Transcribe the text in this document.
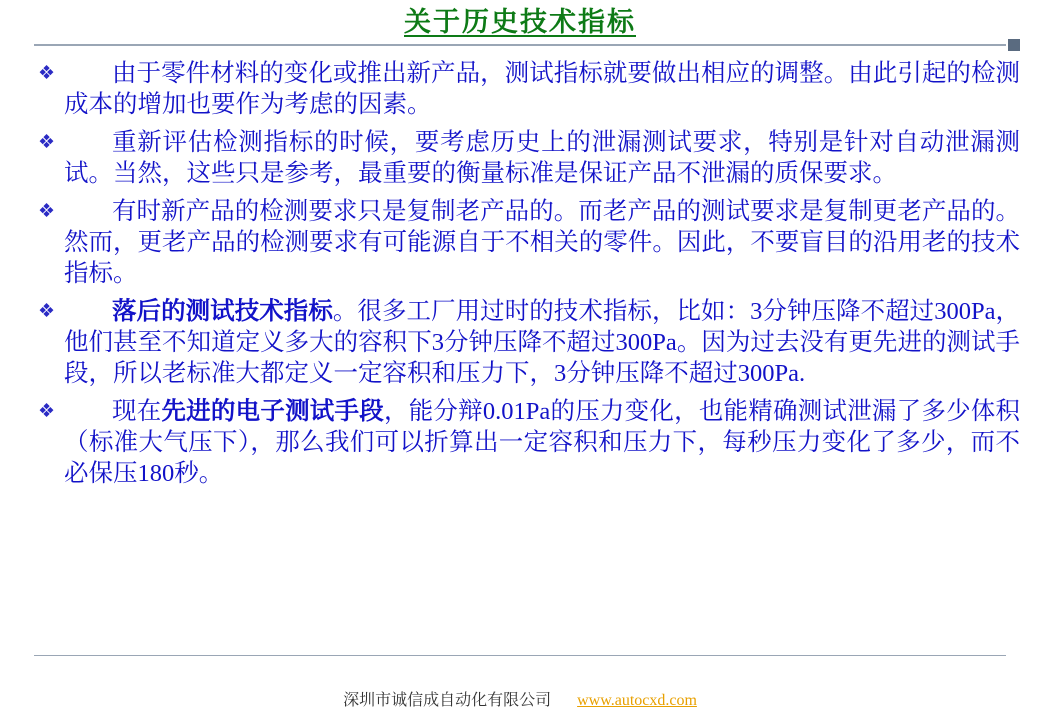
关于历史技术指标
❖	由于零件材料的变化或推出新产品，测试指标就要做出相应的调整。由此引起的检测成本的增加也要作为考虑的因素。
❖	重新评估检测指标的时候，要考虑历史上的泄漏测试要求，特别是针对自动泄漏测试。当然，这些只是参考，最重要的衡量标准是保证产品不泄漏的质保要求。
❖	有时新产品的检测要求只是复制老产品的。而老产品的测试要求是复制更老产品的。然而，更老产品的检测要求有可能源自于不相关的零件。因此，不要盲目的沿用老的技术指标。
❖	落后的测试技术指标。很多工厂用过时的技术指标，比如：3分钟压降不超过300Pa，他们甚至不知道定义多大的容积下3分钟压降不超过300Pa。因为过去没有更先进的测试手段，所以老标准大都定义一定容积和压力下，3分钟压降不超过300Pa.
❖	现在先进的电子测试手段，能分辩0.01Pa的压力变化，也能精确测试泄漏了多少体积（标准大气压下），那么我们可以折算出一定容积和压力下，每秒压力变化了多少，而不必保压180秒。
深圳市诚信成自动化有限公司 www.autocxd.com
